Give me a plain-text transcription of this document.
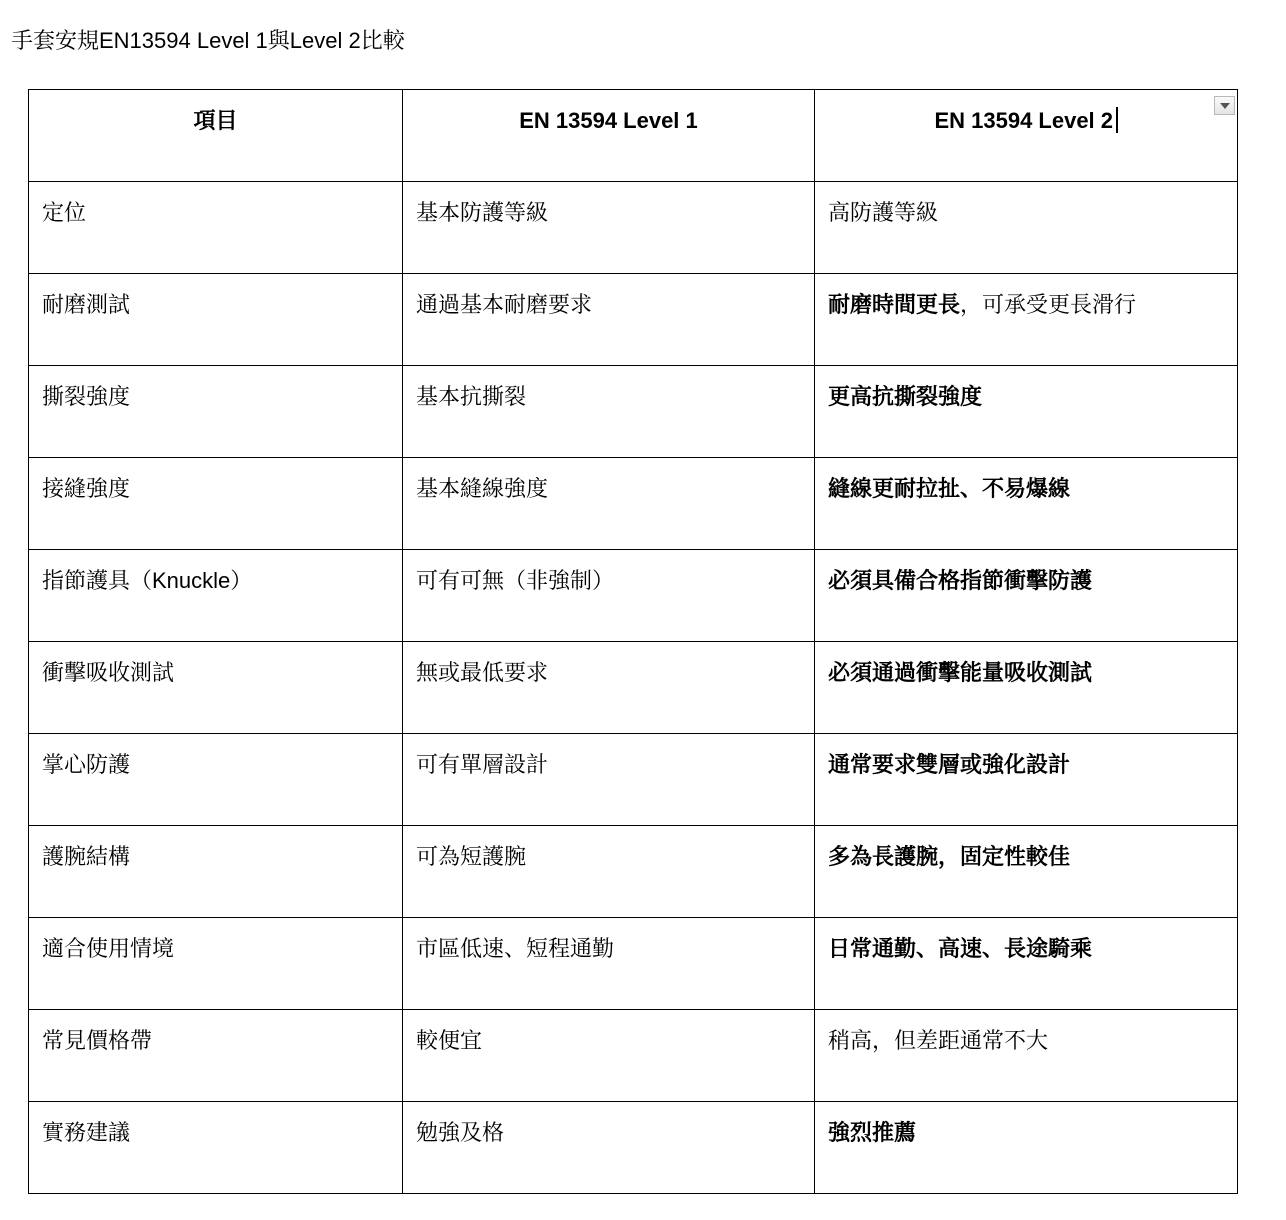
手套安規EN13594 Level 1與Level 2比較
項目	EN 13594 Level 1	EN 13594 Level 2

定位	基本防護等級	高防護等級
耐磨測試	通過基本耐磨要求	耐磨時間更長，可承受更長滑行
撕裂強度	基本抗撕裂	更高抗撕裂強度
接縫強度	基本縫線強度	縫線更耐拉扯、不易爆線
指節護具（Knuckle）	可有可無（非強制）	必須具備合格指節衝擊防護
衝擊吸收測試	無或最低要求	必須通過衝擊能量吸收測試
掌心防護	可有單層設計	通常要求雙層或強化設計
護腕結構	可為短護腕	多為長護腕，固定性較佳
適合使用情境	市區低速、短程通勤	日常通勤、高速、長途騎乘
常見價格帶	較便宜	稍高，但差距通常不大
實務建議	勉強及格	強烈推薦
